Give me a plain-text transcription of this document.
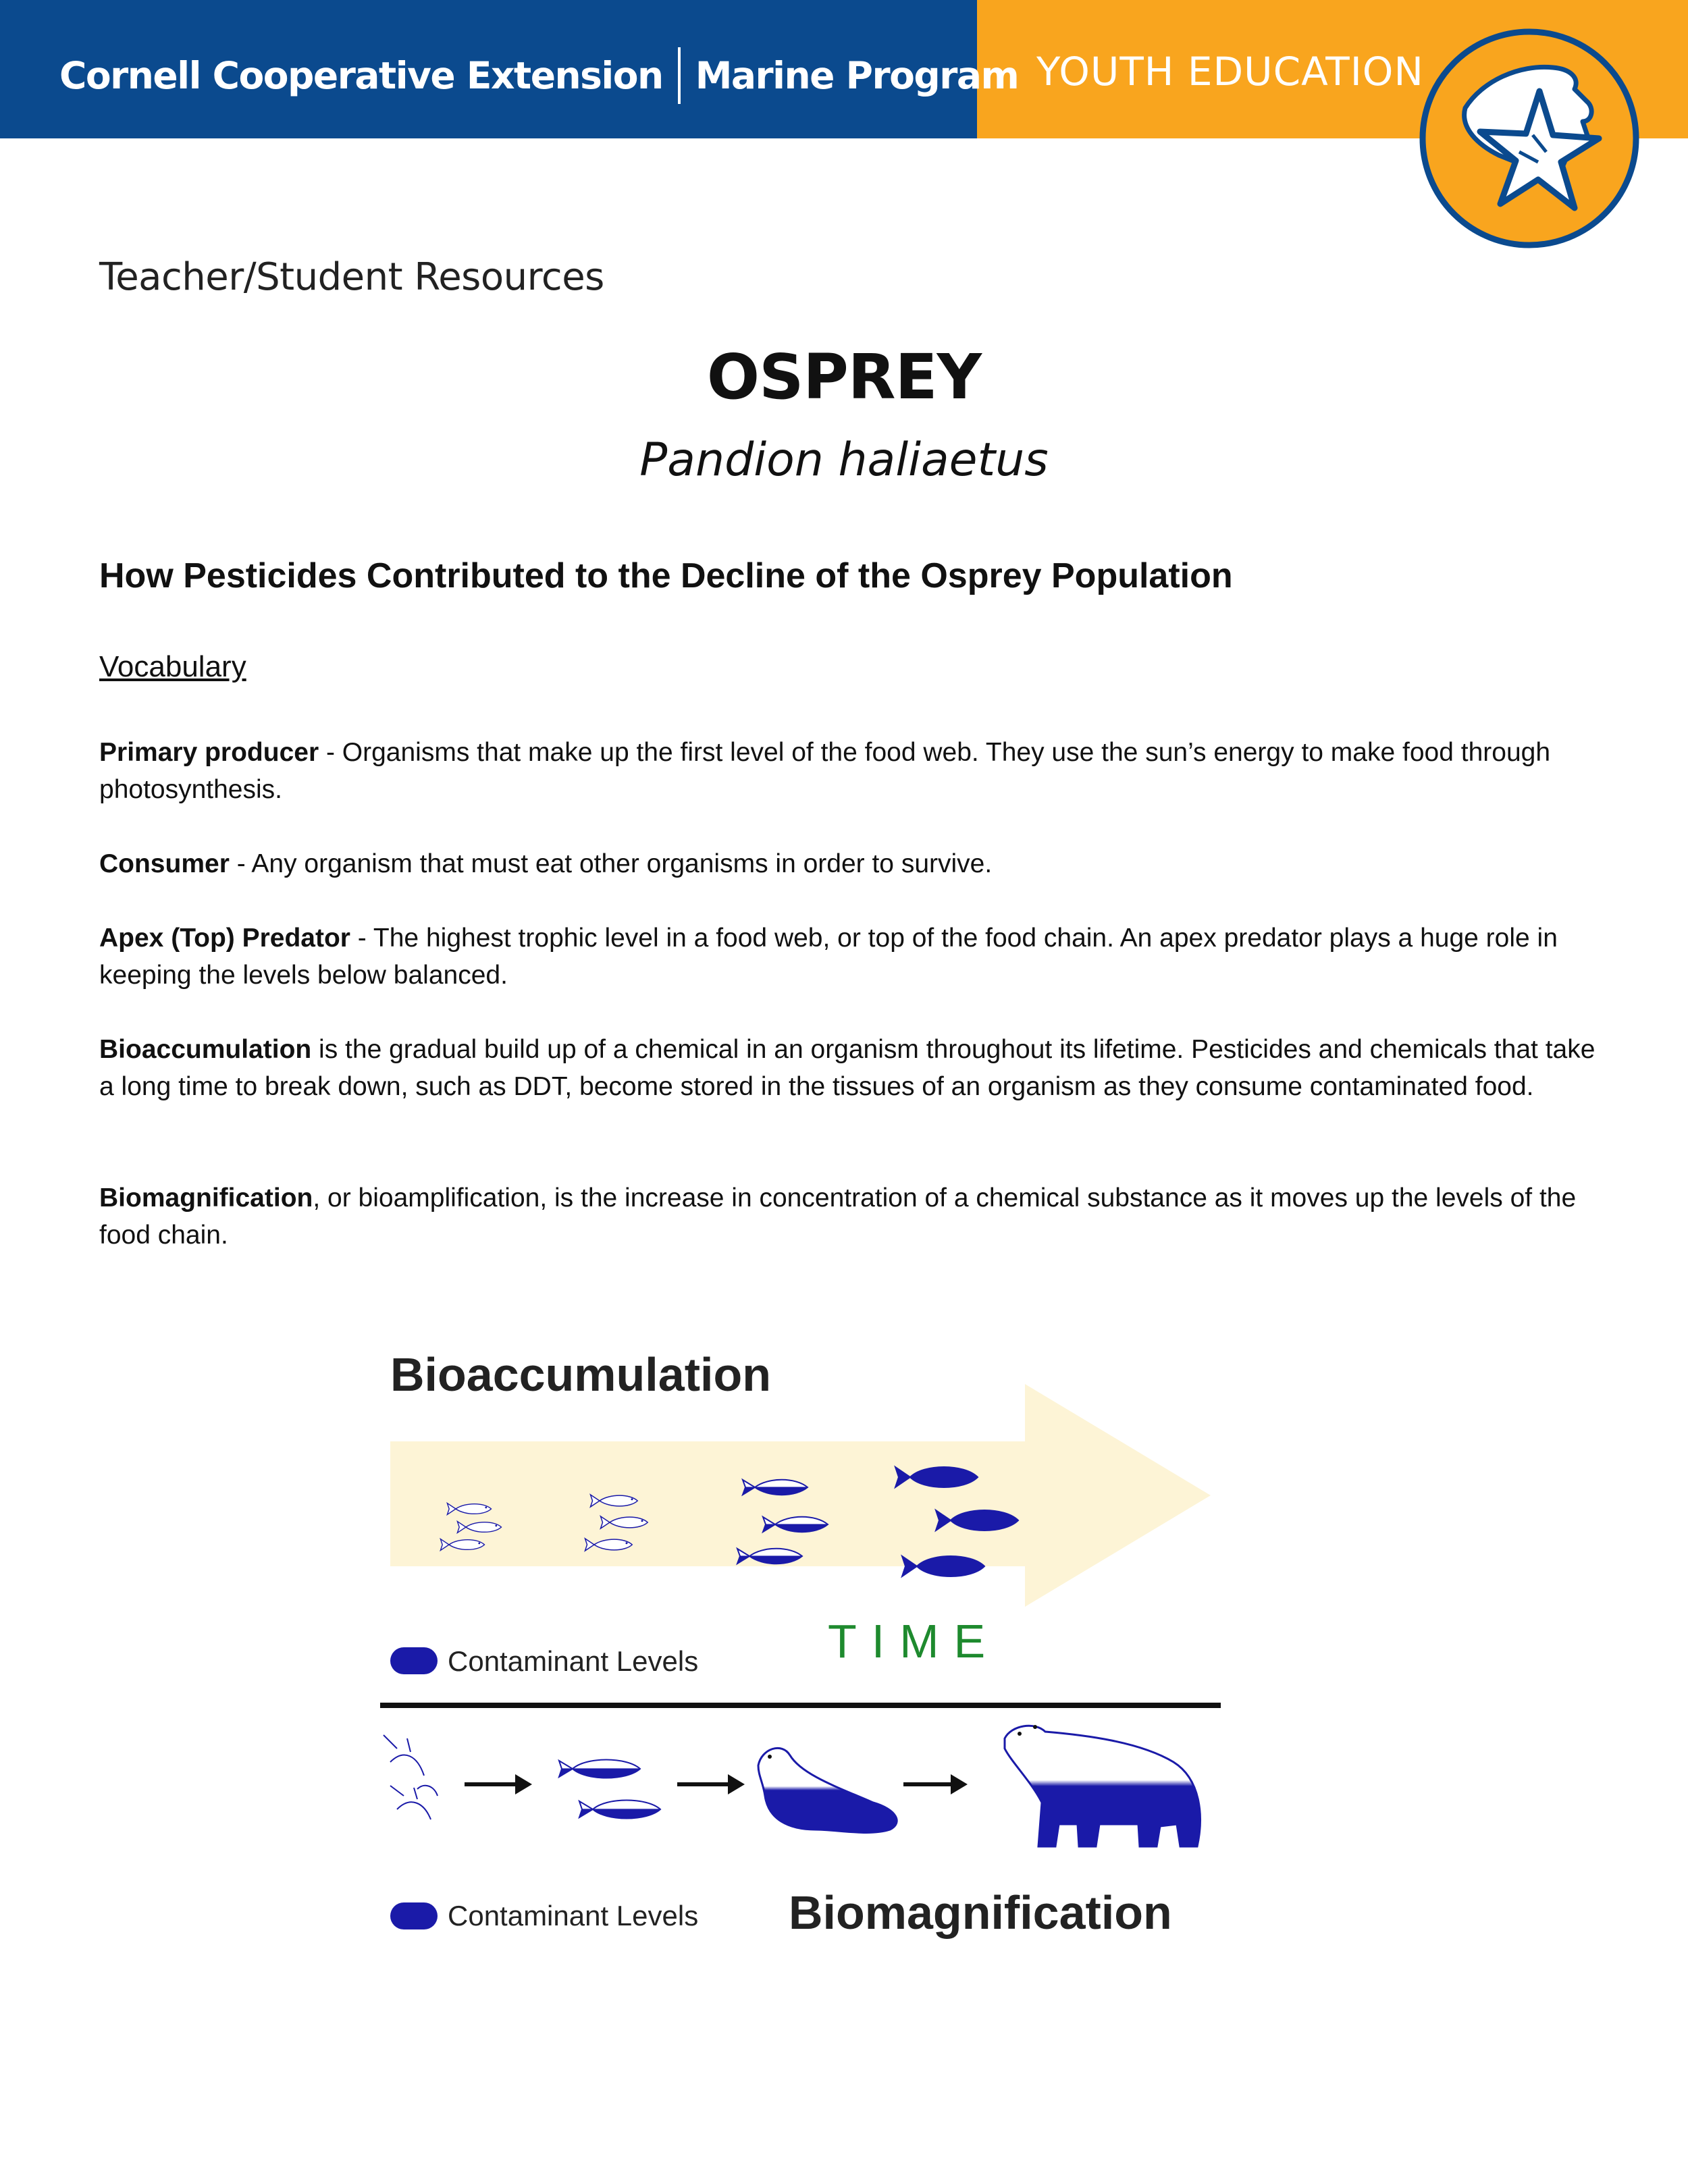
Cornell Cooperative Extension Marine Program YOUTH EDUCATION
Teacher/Student Resources
OSPREY
Pandion haliaetus
How Pesticides Contributed to the Decline of the Osprey Population
Vocabulary
Primary producer - Organisms that make up the first level of the food web. They use the sun’s energy to make food through photosynthesis.
Consumer - Any organism that must eat other organisms in order to survive.
Apex (Top) Predator - The highest trophic level in a food web, or top of the food chain. An apex predator plays a huge role in keeping the levels below balanced.
Bioaccumulation is the gradual build up of a chemical in an organism throughout its lifetime. Pesticides and chemicals that take a long time to break down, such as DDT, become stored in the tissues of an organism as they consume contaminated food.
Biomagnification, or bioamplification, is the increase in concentration of a chemical substance as it moves up the levels of the food chain.
Bioaccumulation
TIME
Contaminant Levels
Contaminant Levels Biomagnification
